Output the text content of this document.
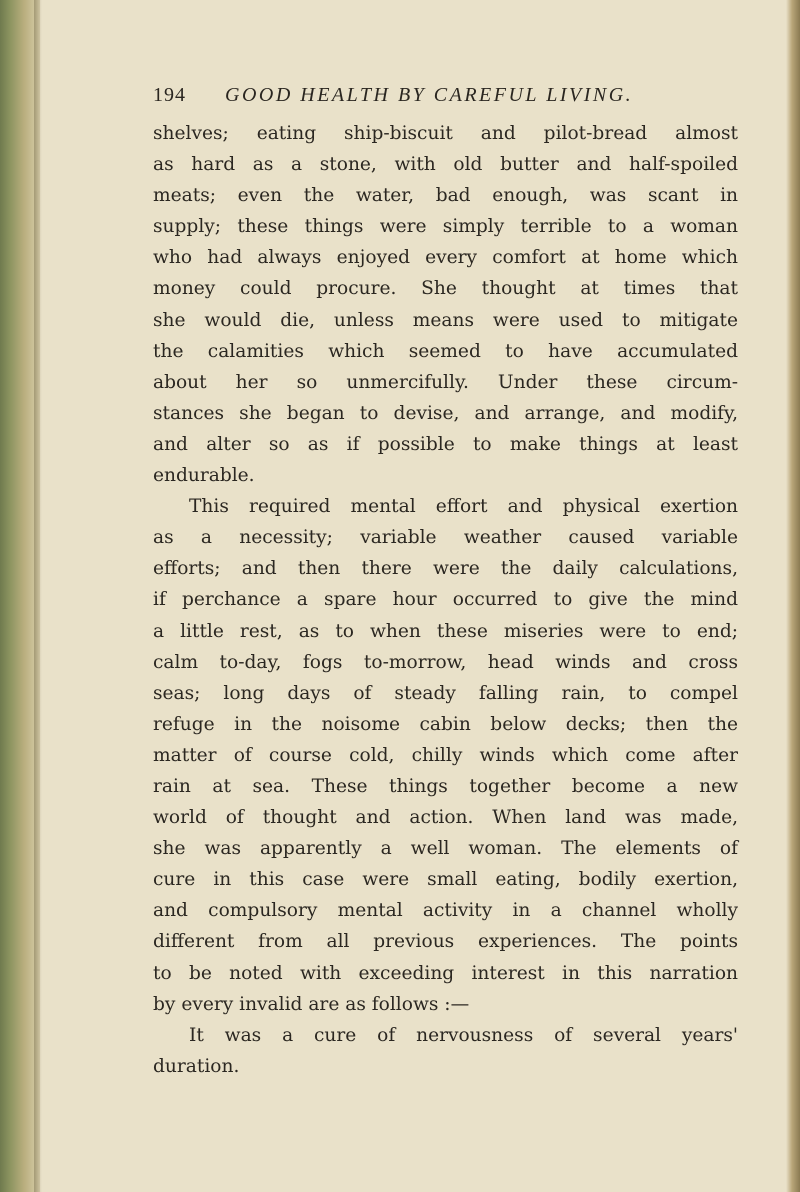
194 GOOD HEALTH BY CAREFUL LIVING.

shelves; eating ship-biscuit and pilot-bread almost
as hard as a stone, with old butter and half-spoiled
meats; even the water, bad enough, was scant in
supply; these things were simply terrible to a woman
who had always enjoyed every comfort at home which
money could procure. She thought at times that
she would die, unless means were used to mitigate
the calamities which seemed to have accumulated
about her so unmercifully. Under these circum-
stances she began to devise, and arrange, and modify,
and alter so as if possible to make things at least
endurable.

This required mental effort and physical exertion
as a necessity; variable weather caused variable
efforts; and then there were the daily calculations,
if perchance a spare hour occurred to give the mind
a little rest, as to when these miseries were to end;
calm to-day, fogs to-morrow, head winds and cross
seas; long days of steady falling rain, to compel
refuge in the noisome cabin below decks; then the
matter of course cold, chilly winds which come after
rain at sea. These things together become a new
world of thought and action. When land was made,
she was apparently a well woman. The elements of
cure in this case were small eating, bodily exertion,
and compulsory mental activity in a channel wholly
different from all previous experiences. The points
to be noted with exceeding interest in this narration
by every invalid are as follows :—

It was a cure of nervousness of several years'
duration.
